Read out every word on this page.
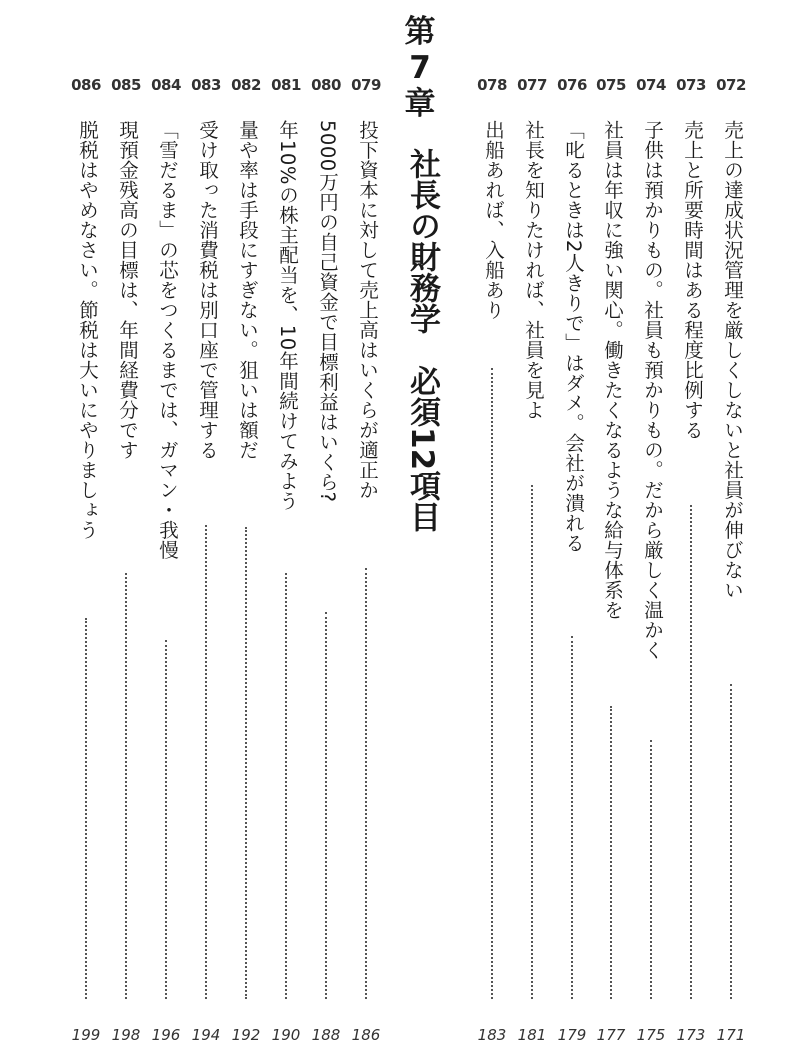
第7章
社長の財務学　必須12項目
072
売上の達成状況管理を厳しくしないと社員が伸びない
171
073
売上と所要時間はある程度比例する
173
074
子供は預かりもの。社員も預かりもの。だから厳しく温かく
175
075
社員は年収に強い関心。働きたくなるような給与体系を
177
076
「叱るときは2人きりで」はダメ。会社が潰れる
179
077
社長を知りたければ、社員を見よ
181
078
出船あれば、入船あり
183
079
投下資本に対して売上高はいくらが適正か
186
080
5000万円の自己資金で目標利益はいくら?
188
081
年10%の株主配当を、10年間続けてみよう
190
082
量や率は手段にすぎない。狙いは額だ
192
083
受け取った消費税は別口座で管理する
194
084
「雪だるま」の芯をつくるまでは、ガマン・我慢
196
085
現預金残高の目標は、年間経費分です
198
086
脱税はやめなさい。節税は大いにやりましょう
199
